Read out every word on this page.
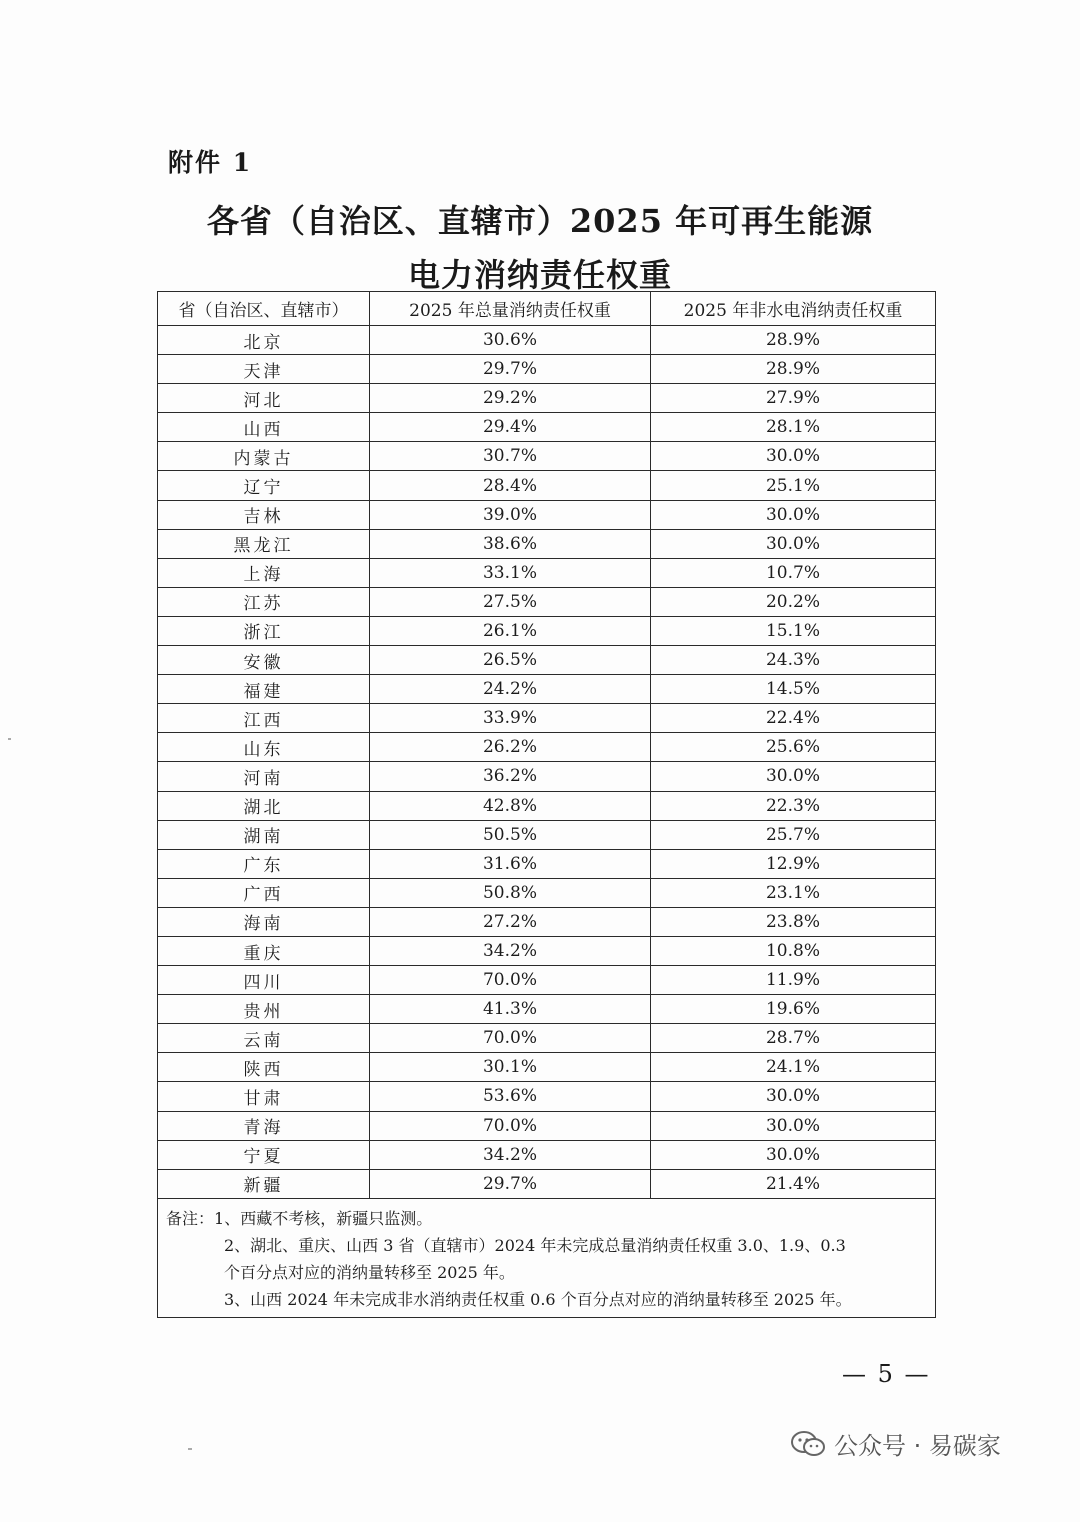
附件 1
各省（自治区、直辖市）2025 年可再生能源
电力消纳责任权重
省（自治区、直辖市）	2025 年总量消纳责任权重	2025 年非水电消纳责任权重
北京	30.6%	28.9%
天津	29.7%	28.9%
河北	29.2%	27.9%
山西	29.4%	28.1%
内蒙古	30.7%	30.0%
辽宁	28.4%	25.1%
吉林	39.0%	30.0%
黑龙江	38.6%	30.0%
上海	33.1%	10.7%
江苏	27.5%	20.2%
浙江	26.1%	15.1%
安徽	26.5%	24.3%
福建	24.2%	14.5%
江西	33.9%	22.4%
山东	26.2%	25.6%
河南	36.2%	30.0%
湖北	42.8%	22.3%
湖南	50.5%	25.7%
广东	31.6%	12.9%
广西	50.8%	23.1%
海南	27.2%	23.8%
重庆	34.2%	10.8%
四川	70.0%	11.9%
贵州	41.3%	19.6%
云南	70.0%	28.7%
陕西	30.1%	24.1%
甘肃	53.6%	30.0%
青海	70.0%	30.0%
宁夏	34.2%	30.0%
新疆	29.7%	21.4%

备注：1、西藏不考核，新疆只监测。
2、湖北、重庆、山西 3 省（直辖市）2024 年未完成总量消纳责任权重 3.0、1.9、0.3
个百分点对应的消纳量转移至 2025 年。
3、山西 2024 年未完成非水消纳责任权重 0.6 个百分点对应的消纳量转移至 2025 年。		
— 5 —
公众号 · 易碳家
